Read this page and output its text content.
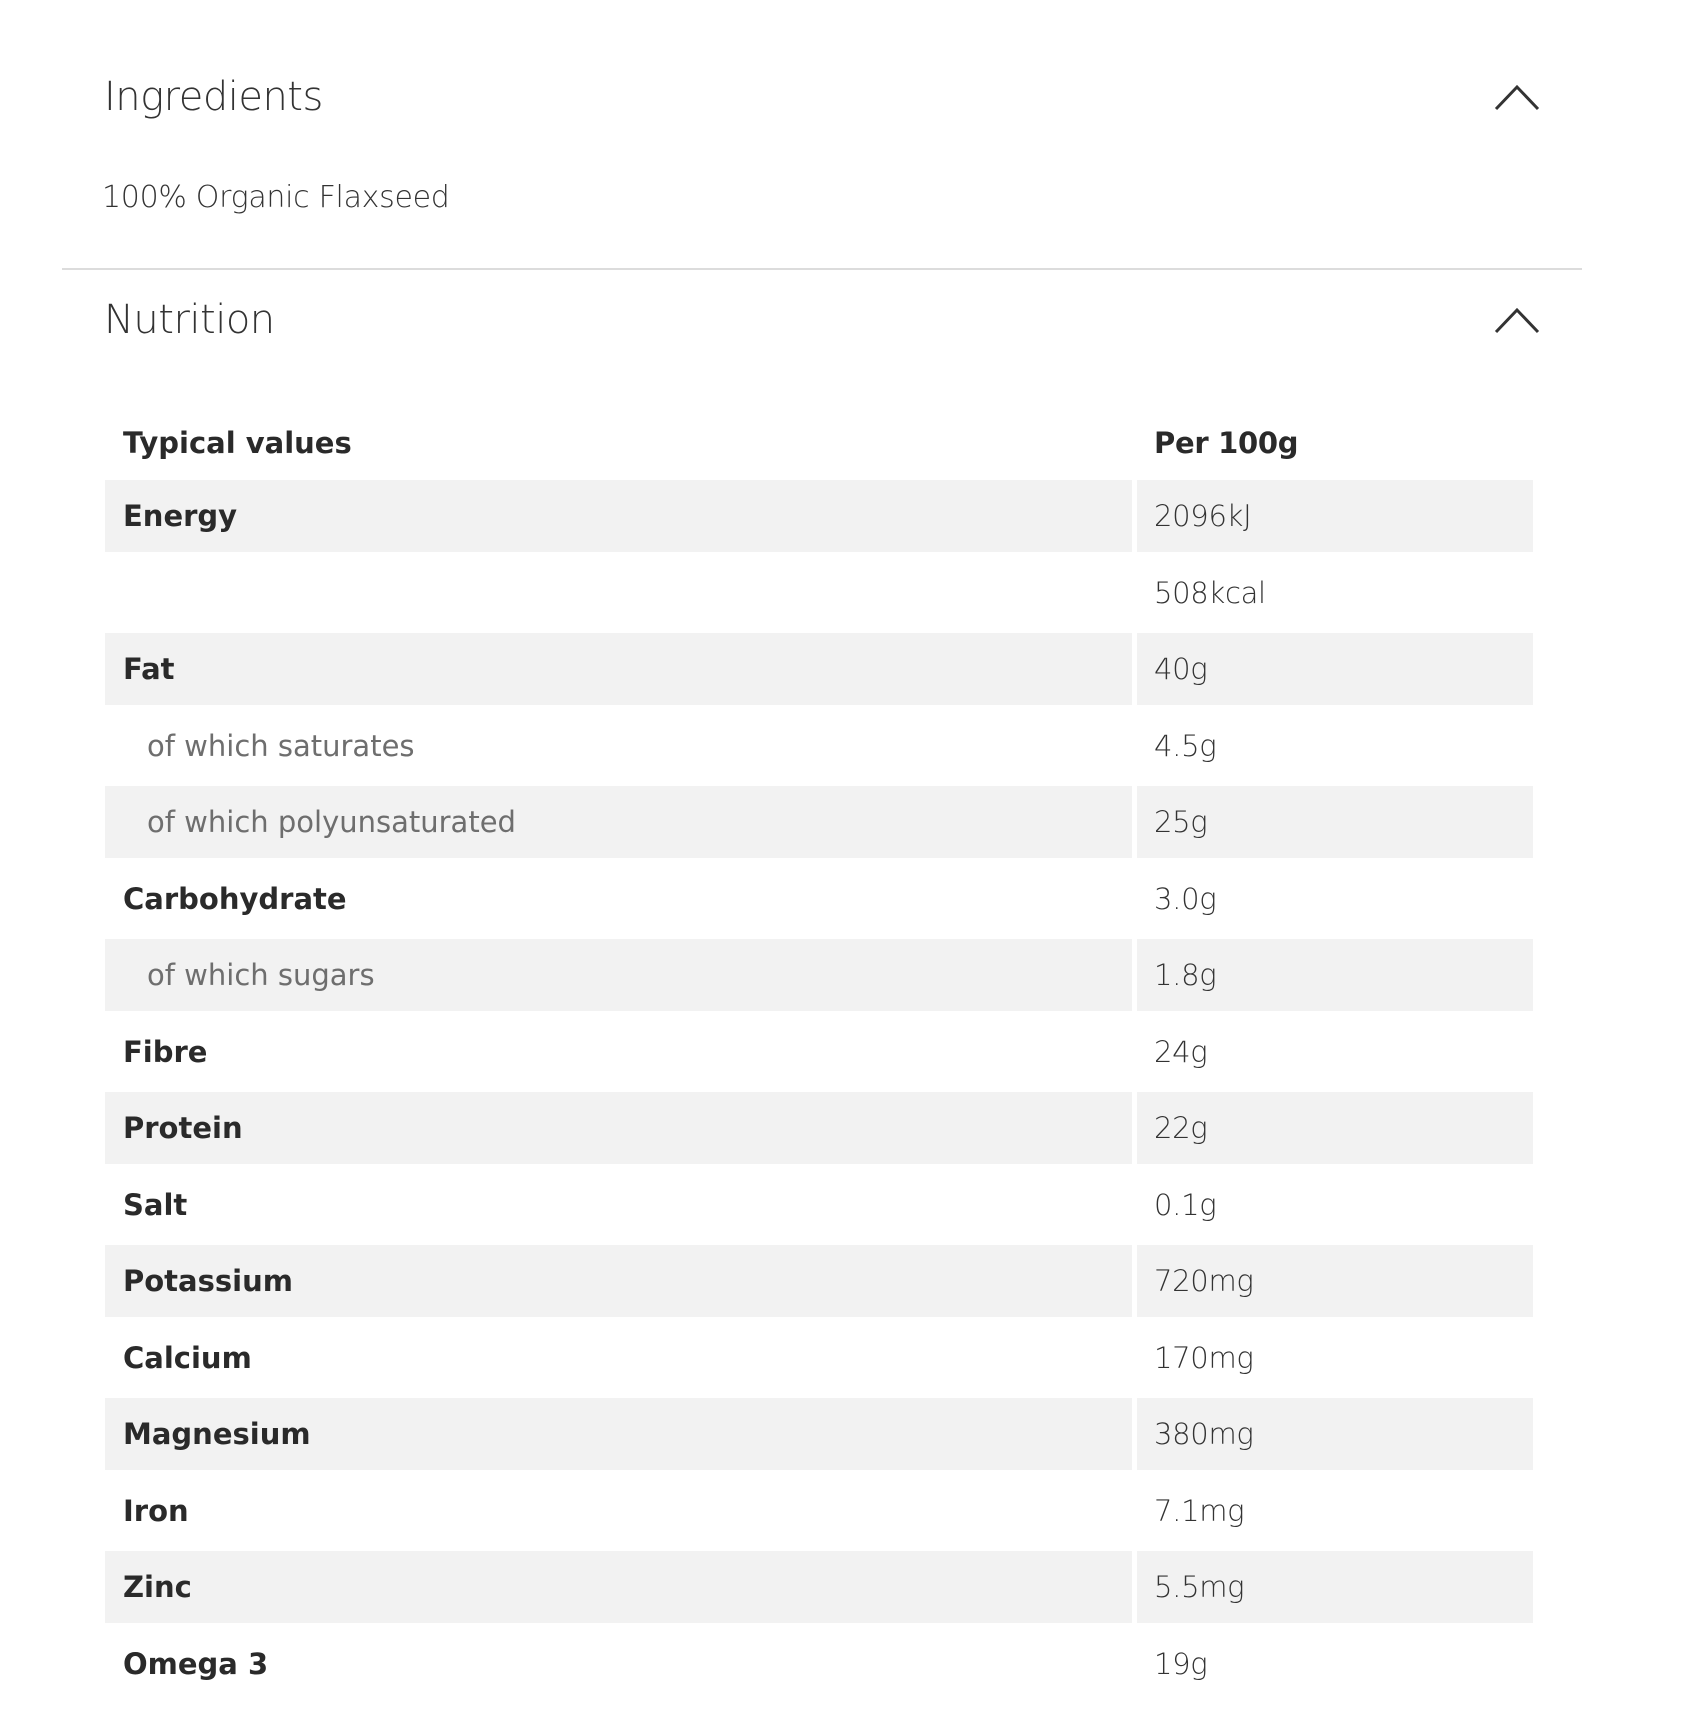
Ingredients
100% Organic Flaxseed
Nutrition
Typical values	Per 100g
Energy	2096kJ
508kcal
Fat	40g
of which saturates	4.5g
of which polyunsaturated	25g
Carbohydrate	3.0g
of which sugars	1.8g
Fibre	24g
Protein	22g
Salt	0.1g
Potassium	720mg
Calcium	170mg
Magnesium	380mg
Iron	7.1mg
Zinc	5.5mg
Omega 3	19g
